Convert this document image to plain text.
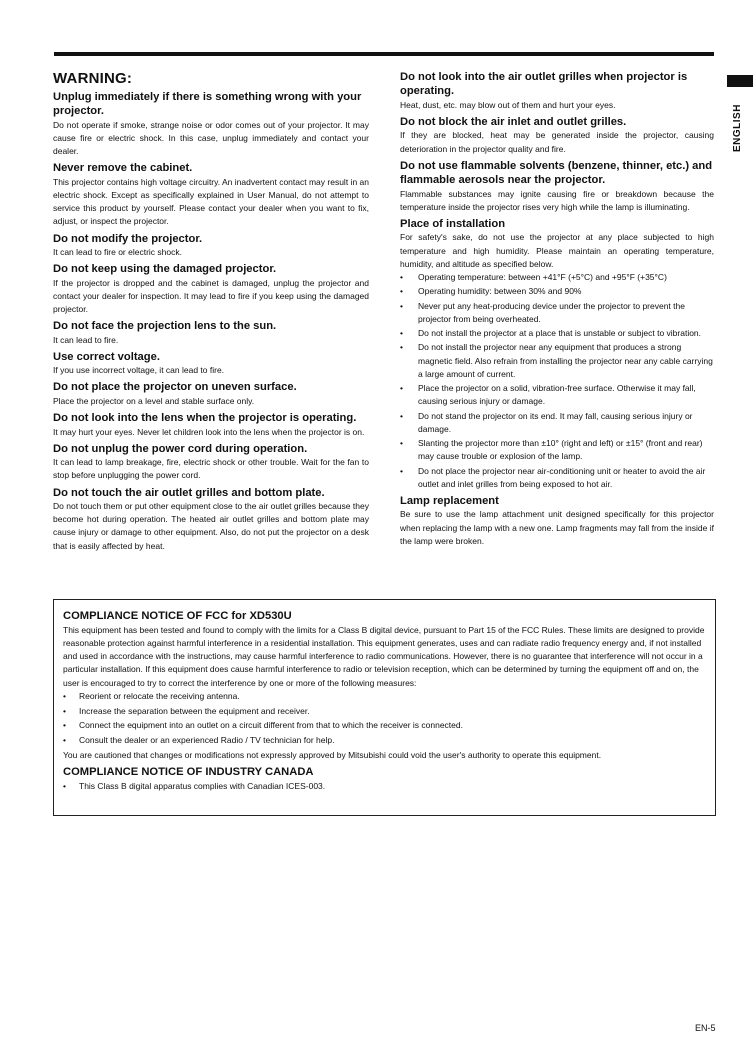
ENGLISH
WARNING:
Unplug immediately if there is something wrong with your projector.
Do not operate if smoke, strange noise or odor comes out of your projector. It may cause fire or electric shock. In this case, unplug immediately and contact your dealer.
Never remove the cabinet.
This projector contains high voltage circuitry. An inadvertent contact may result in an electric shock. Except as specifically explained in User Manual, do not attempt to service this product by yourself. Please contact your dealer when you want to fix, adjust, or inspect the projector.
Do not modify the projector.
It can lead to fire or electric shock.
Do not keep using the damaged projector.
If the projector is dropped and the cabinet is damaged, unplug the projector and contact your dealer for inspection. It may lead to fire if you keep using the damaged projector.
Do not face the projection lens to the sun.
It can lead to fire.
Use correct voltage.
If you use incorrect voltage, it can lead to fire.
Do not place the projector on uneven surface.
Place the projector on a level and stable surface only.
Do not look into the lens when the projector is operating.
It may hurt your eyes. Never let children look into the lens when the projector is on.
Do not unplug the power cord during operation.
It can lead to lamp breakage, fire, electric shock or other trouble. Wait for the fan to stop before unplugging the power cord.
Do not touch the air outlet grilles and bottom plate.
Do not touch them or put other equipment close to the air outlet grilles because they become hot during operation. The heated air outlet grilles and bottom plate may cause injury or damage to other equipment. Also, do not put the projector on a desk that is easily affected by heat.
Do not look into the air outlet grilles when projector is operating.
Heat, dust, etc. may blow out of them and hurt your eyes.
Do not block the air inlet and outlet grilles.
If they are blocked, heat may be generated inside the projector, causing deterioration in the projector quality and fire.
Do not use flammable solvents (benzene, thinner, etc.) and flammable aerosols near the projector.
Flammable substances may ignite causing fire or breakdown because the temperature inside the projector rises very high while the lamp is illuminating.
Place of installation
For safety's sake, do not use the projector at any place subjected to high temperature and high humidity. Please maintain an operating temperature, humidity, and altitude as specified below.
• Operating temperature: between +41°F (+5°C) and +95°F (+35°C)
• Operating humidity: between 30% and 90%
• Never put any heat-producing device under the projector to prevent the projector from being overheated.
• Do not install the projector at a place that is unstable or subject to vibration.
• Do not install the projector near any equipment that produces a strong magnetic field. Also refrain from installing the projector near any cable carrying a large amount of current.
• Place the projector on a solid, vibration-free surface. Otherwise it may fall, causing serious injury or damage.
• Do not stand the projector on its end. It may fall, causing serious injury or damage.
• Slanting the projector more than ±10° (right and left) or ±15° (front and rear) may cause trouble or explosion of the lamp.
• Do not place the projector near air-conditioning unit or heater to avoid the air outlet and inlet grilles from being exposed to hot air.
Lamp replacement
Be sure to use the lamp attachment unit designed specifically for this projector when replacing the lamp with a new one. Lamp fragments may fall from the inside if the lamp were broken.
COMPLIANCE NOTICE OF FCC for XD530U
This equipment has been tested and found to comply with the limits for a Class B digital device, pursuant to Part 15 of the FCC Rules. These limits are designed to provide reasonable protection against harmful interference in a residential installation. This equipment generates, uses and can radiate radio frequency energy and, if not installed and used in accordance with the instructions, may cause harmful interference to radio communications. However, there is no guarantee that interference will not occur in a particular installation. If this equipment does cause harmful interference to radio or television reception, which can be determined by turning the equipment off and on, the user is encouraged to try to correct the interference by one or more of the following measures:
• Reorient or relocate the receiving antenna.
• Increase the separation between the equipment and receiver.
• Connect the equipment into an outlet on a circuit different from that to which the receiver is connected.
• Consult the dealer or an experienced Radio / TV technician for help.
You are cautioned that changes or modifications not expressly approved by Mitsubishi could void the user's authority to operate this equipment.
COMPLIANCE NOTICE OF INDUSTRY CANADA
• This Class B digital apparatus complies with Canadian ICES-003.
EN-5
